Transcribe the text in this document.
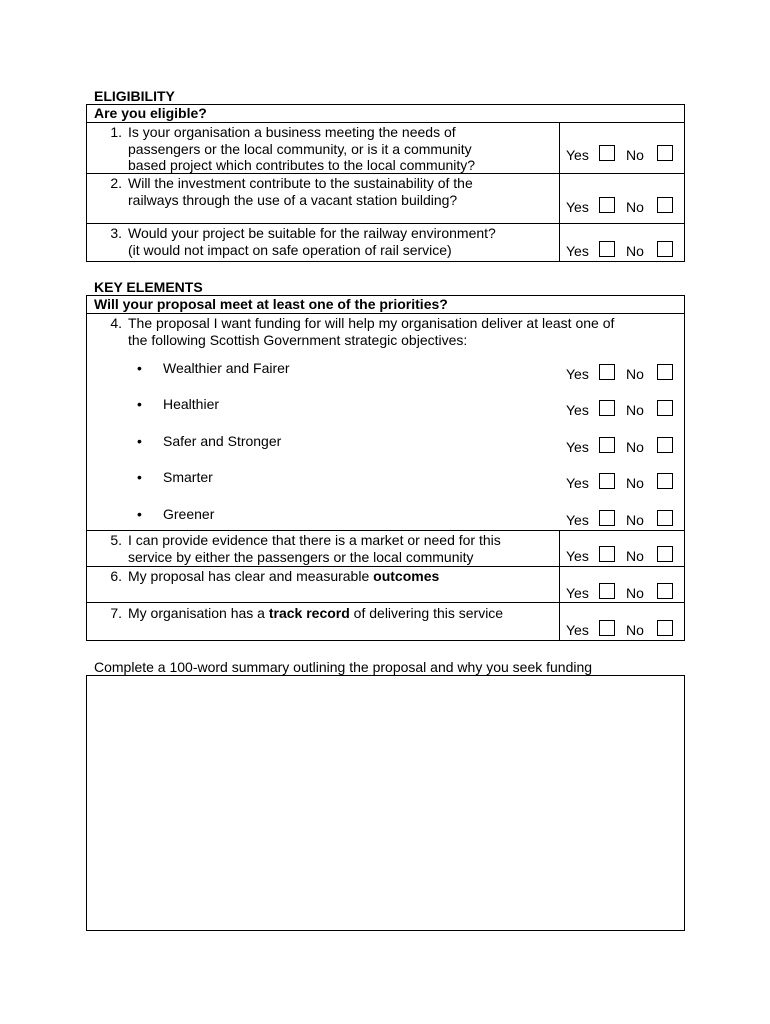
ELIGIBILITY
Are you eligible?
1. Is your organisation a business meeting the needs of
passengers or the local community, or is it a community
based project which contributes to the local community?
Yes	No
2. Will the investment contribute to the sustainability of the
railways through the use of a vacant station building?	Yes	No
3. Would your project be suitable for the railway environment?
(it would not impact on safe operation of rail service)	Yes	No
KEY ELEMENTS
Will your proposal meet at least one of the priorities?
4. The proposal I want funding for will help my organisation deliver at least one of
the following Scottish Government strategic objectives:
• Wealthier and Fairer	Yes	No
• Healthier	Yes	No
• Safer and Stronger	Yes	No
• Smarter	Yes	No
• Greener	Yes	No
5. I can provide evidence that there is a market or need for this
service by either the passengers or the local community	Yes	No
6. My proposal has clear and measurable outcomes
Yes	No
7. My organisation has a track record of delivering this service
Yes	No
Complete a 100-word summary outlining the proposal and why you seek funding
